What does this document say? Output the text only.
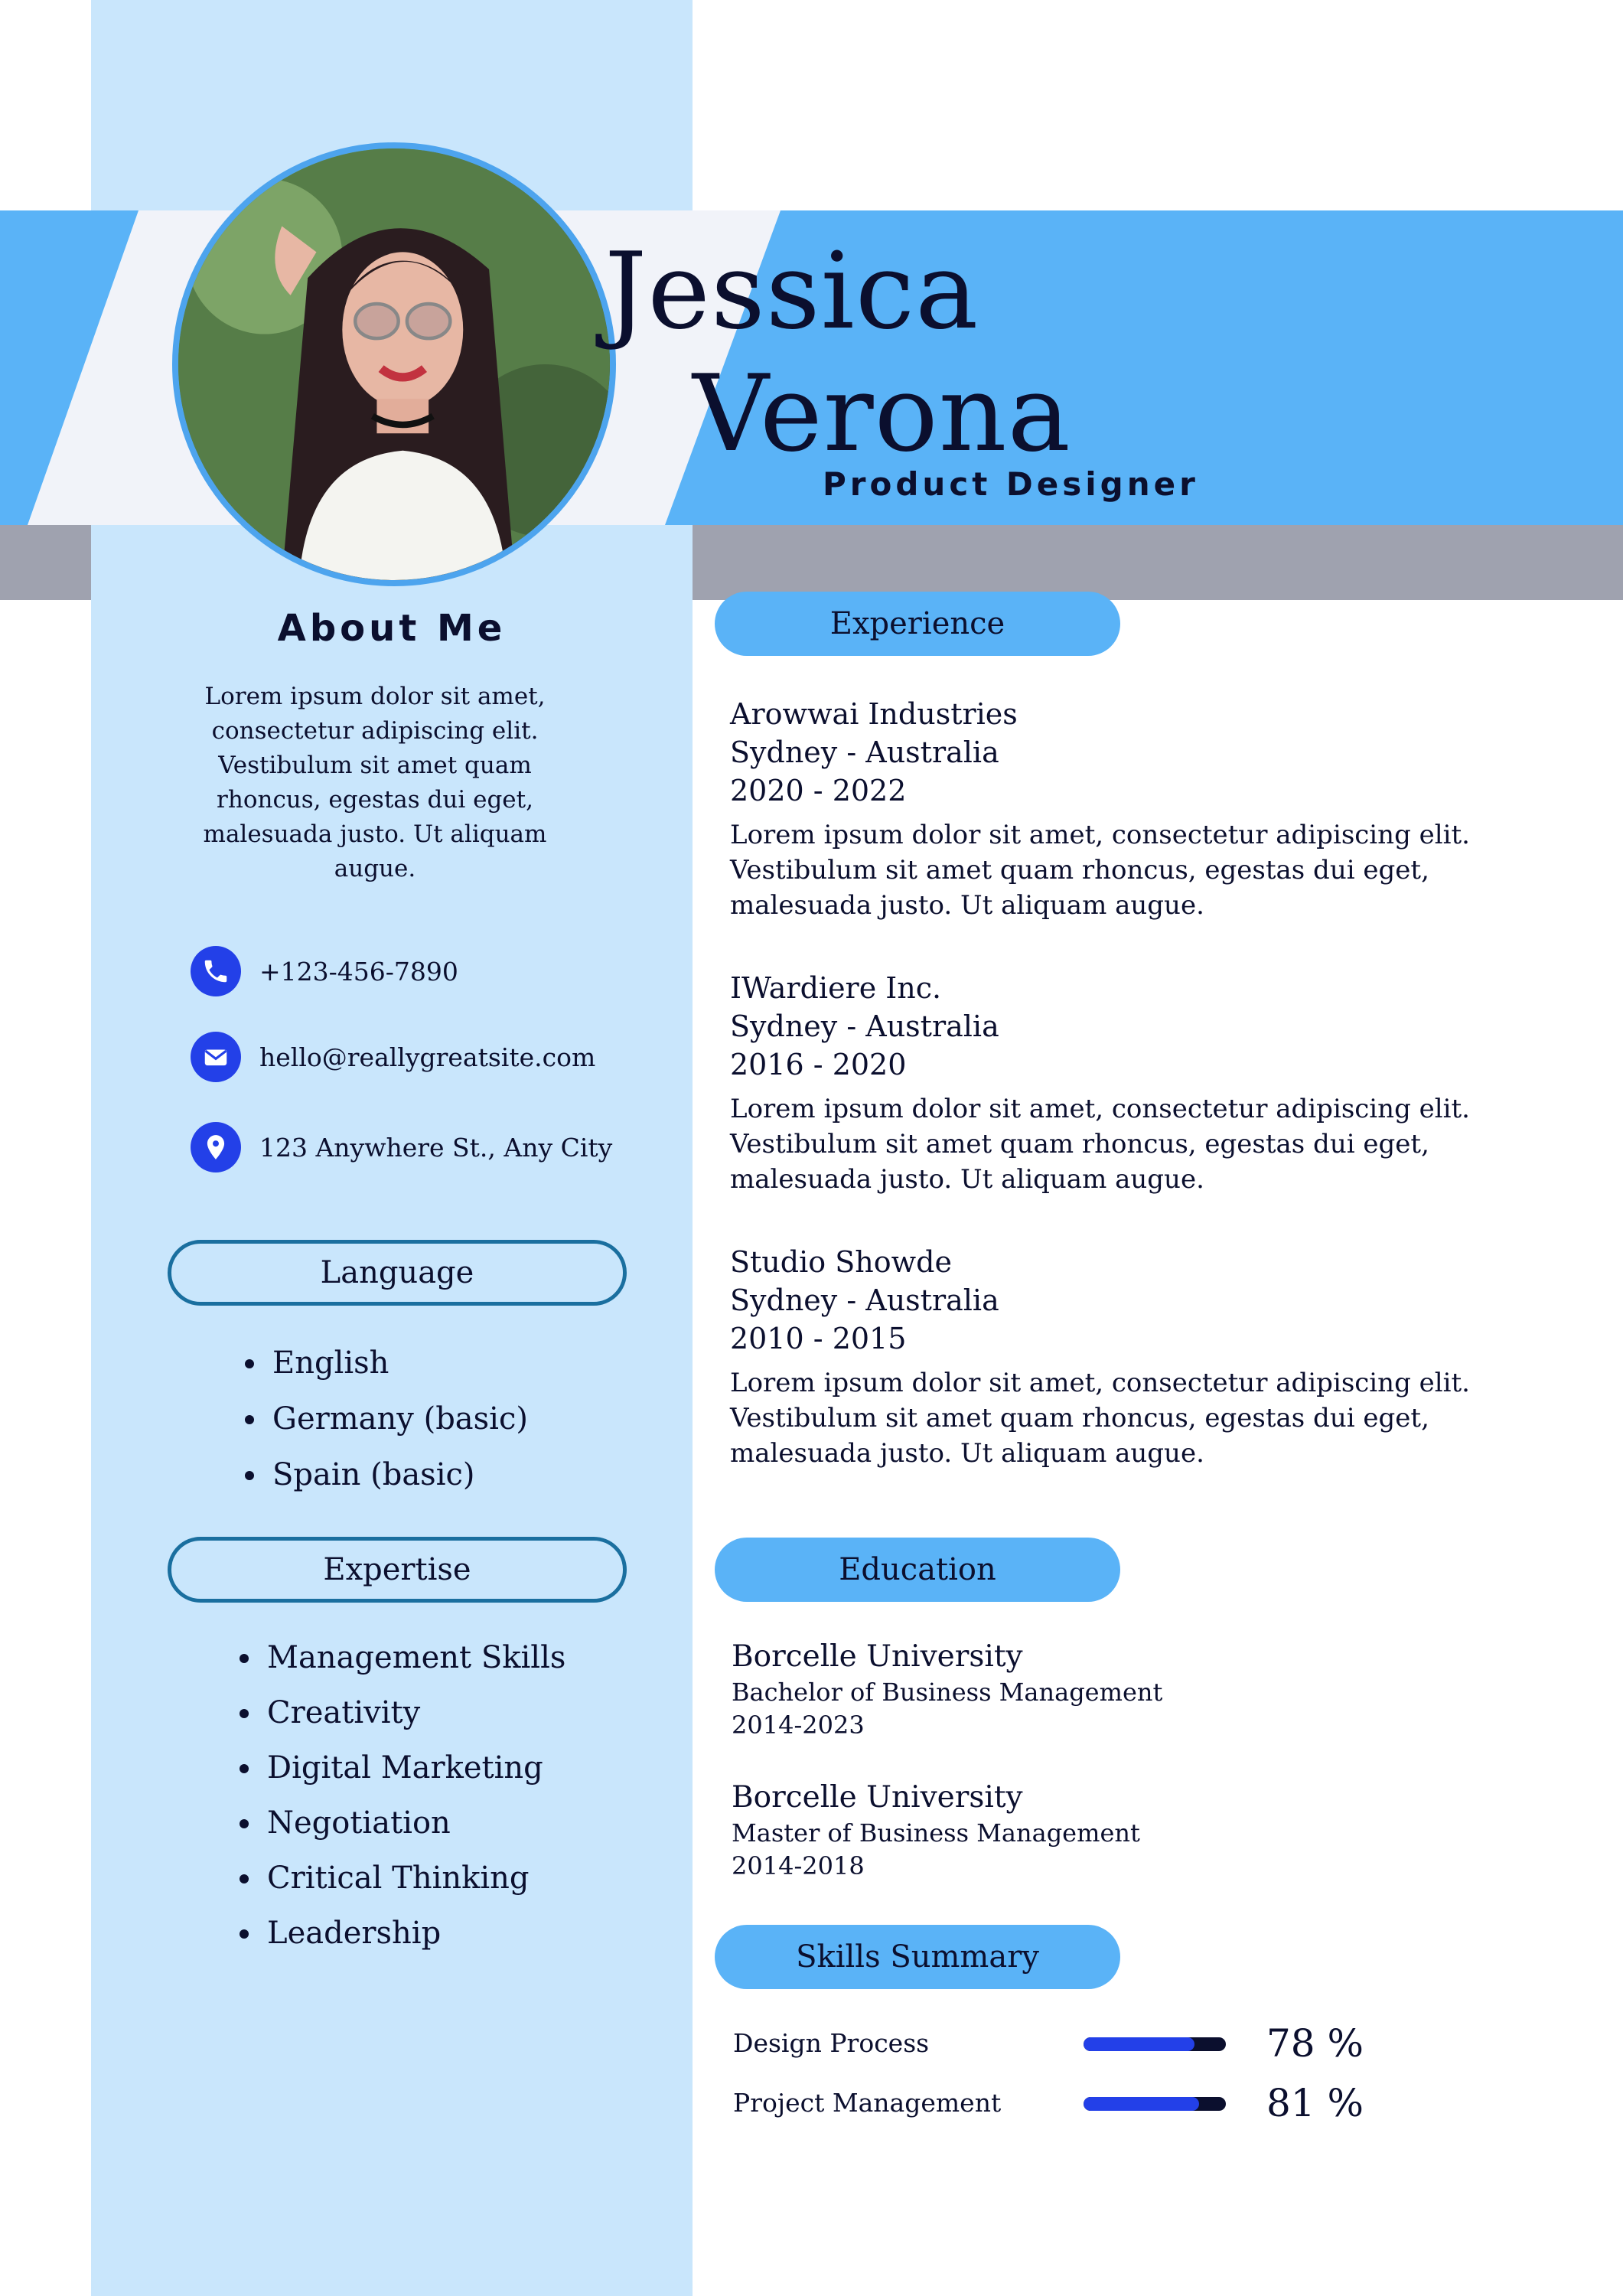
Jessica
Verona
Product Designer
About Me
Lorem ipsum dolor sit amet, consectetur adipiscing elit. Vestibulum sit amet quam rhoncus, egestas dui eget, malesuada justo. Ut aliquam augue.
+123-456-7890
hello@reallygreatsite.com
123 Anywhere St., Any City
Language
English
Germany (basic)
Spain (basic)
Expertise
Management Skills
Creativity
Digital Marketing
Negotiation
Critical Thinking
Leadership
Experience
Arowwai Industries
Sydney - Australia
2020 - 2022
Lorem ipsum dolor sit amet, consectetur adipiscing elit. Vestibulum sit amet quam rhoncus, egestas dui eget, malesuada justo. Ut aliquam augue.
IWardiere Inc.
Sydney - Australia
2016 - 2020
Lorem ipsum dolor sit amet, consectetur adipiscing elit. Vestibulum sit amet quam rhoncus, egestas dui eget, malesuada justo. Ut aliquam augue.
Studio Showde
Sydney - Australia
2010 - 2015
Lorem ipsum dolor sit amet, consectetur adipiscing elit. Vestibulum sit amet quam rhoncus, egestas dui eget, malesuada justo. Ut aliquam augue.
Education
Borcelle University
Bachelor of Business Management
2014-2023
Borcelle University
Master of Business Management
2014-2018
Skills Summary
Design Process	78 %
Project Management	81 %
